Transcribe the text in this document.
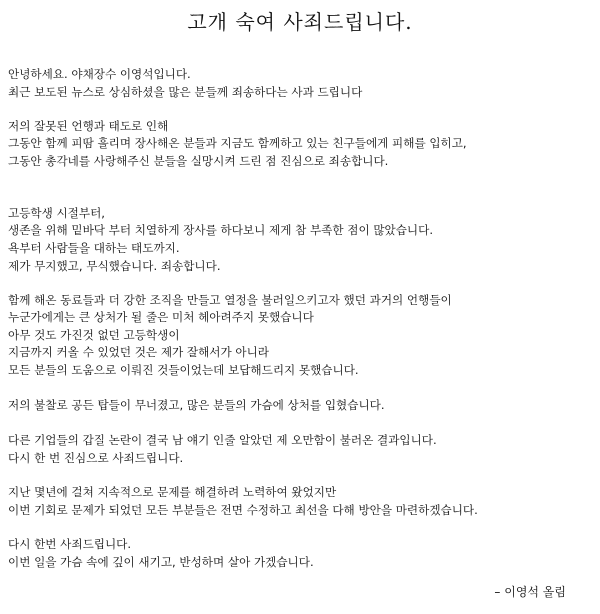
고개 숙여 사죄드립니다.
안녕하세요. 야채장수 이영석입니다.
최근 보도된 뉴스로 상심하셨을 많은 분들께 죄송하다는 사과 드립니다
저의 잘못된 언행과 태도로 인해
그동안 함께 피땀 흘리며 장사해온 분들과 지금도 함께하고 있는 친구들에게 피해를 입히고,
그동안 총각네를 사랑해주신 분들을 실망시켜 드린 점 진심으로 죄송합니다.
고등학생 시절부터,
생존을 위해 밑바닥 부터 치열하게 장사를 하다보니 제게 참 부족한 점이 많았습니다.
욕부터 사람들을 대하는 태도까지.
제가 무지했고, 무식했습니다. 죄송합니다.
함께 해온 동료들과 더 강한 조직을 만들고 열정을 불러일으키고자 했던 과거의 언행들이
누군가에게는 큰 상처가 될 줄은 미처 헤아려주지 못했습니다
아무 것도 가진것 없던 고등학생이
지금까지 커올 수 있었던 것은 제가 잘해서가 아니라
모든 분들의 도움으로 이뤄진 것들이었는데 보답해드리지 못했습니다.
저의 불찰로 공든 탑들이 무너졌고, 많은 분들의 가슴에 상처를 입혔습니다.
다른 기업들의 갑질 논란이 결국 남 얘기 인줄 알았던 제 오만함이 불러온 결과입니다.
다시 한 번 진심으로 사죄드립니다.
지난 몇년에 걸쳐 지속적으로 문제를 해결하려 노력하여 왔었지만
이번 기회로 문제가 되었던 모든 부분들은 전면 수정하고 최선을 다해 방안을 마련하겠습니다.
다시 한번 사죄드립니다.
이번 일을 가슴 속에 깊이 새기고, 반성하며 살아 가겠습니다.
– 이영석 올림
